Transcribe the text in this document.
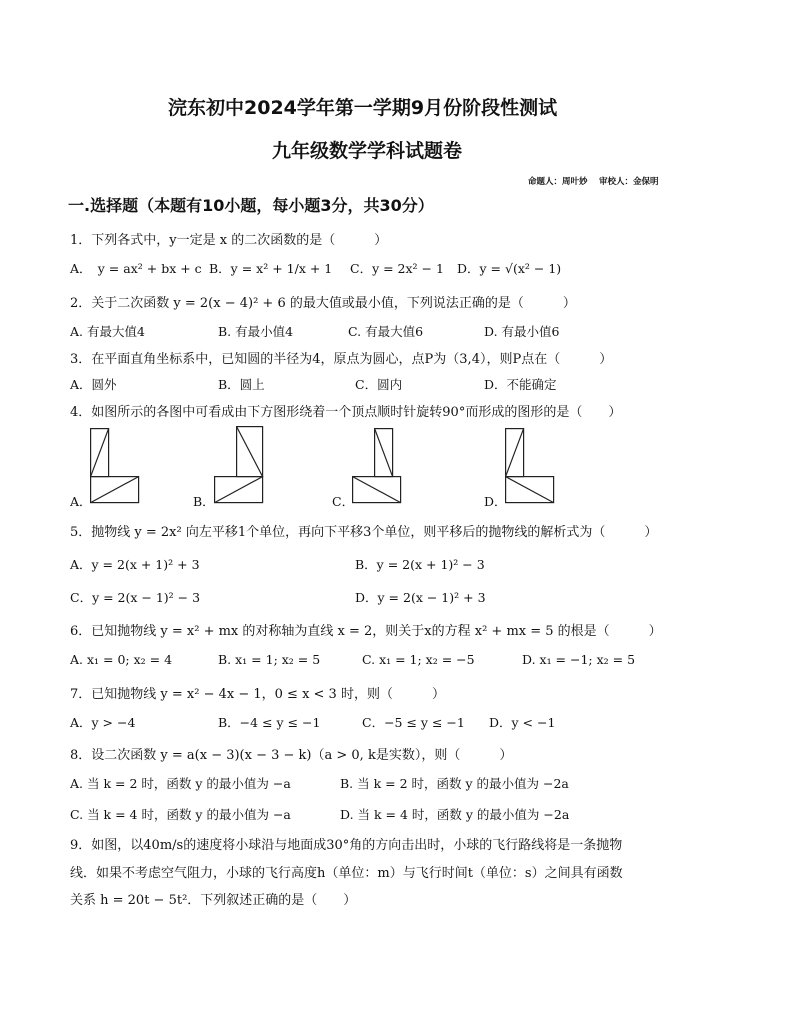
浣东初中2024学年第一学期9月份阶段性测试
九年级数学学科试题卷
命题人：周叶妙　 审校人：金保明
一.选择题（本题有10小题，每小题3分，共30分）
1．下列各式中，y一定是 x 的二次函数的是（　　　）
A．　y = ax² + bx + c B．y = x² + 1/x + 1 C．y = 2x² − 1 D．y = √(x² − 1)
2．关于二次函数 y = 2(x − 4)² + 6 的最大值或最小值，下列说法正确的是（　　　）
A. 有最大值4	B. 有最小值4	C. 有最大值6	D. 有最小值6
3．在平面直角坐标系中，已知圆的半径为4，原点为圆心，点P为（3,4），则P点在（　　　）
A．圆外	B．圆上	C．圆内	D．不能确定
4．如图所示的各图中可看成由下方图形绕着一个顶点顺时针旋转90°而形成的图形的是（　　）
A．	B．	C．	D．
5．抛物线 y = 2x² 向左平移1个单位，再向下平移3个单位，则平移后的抛物线的解析式为（　　　）
A．y = 2(x + 1)² + 3	B．y = 2(x + 1)² − 3
C．y = 2(x − 1)² − 3	D．y = 2(x − 1)² + 3
6．已知抛物线 y = x² + mx 的对称轴为直线 x = 2，则关于x的方程 x² + mx = 5 的根是（　　　）
A. x₁ = 0; x₂ = 4	B. x₁ = 1; x₂ = 5	C. x₁ = 1; x₂ = −5	D. x₁ = −1; x₂ = 5
7．已知抛物线 y = x² − 4x − 1，0 ≤ x < 3 时，则（　　　）
A．y > −4	B．−4 ≤ y ≤ −1	C．−5 ≤ y ≤ −1 D．y < −1
8．设二次函数 y = a(x − 3)(x − 3 − k)（a > 0, k是实数），则（　　　）
A. 当 k = 2 时，函数 y 的最小值为 −a	B. 当 k = 2 时，函数 y 的最小值为 −2a
C. 当 k = 4 时，函数 y 的最小值为 −a	D. 当 k = 4 时，函数 y 的最小值为 −2a
9．如图，以40m/s的速度将小球沿与地面成30°角的方向击出时，小球的飞行路线将是一条抛物
线．如果不考虑空气阻力，小球的飞行高度h（单位：m）与飞行时间t（单位：s）之间具有函数
关系 h = 20t − 5t²．下列叙述正确的是（　　）
